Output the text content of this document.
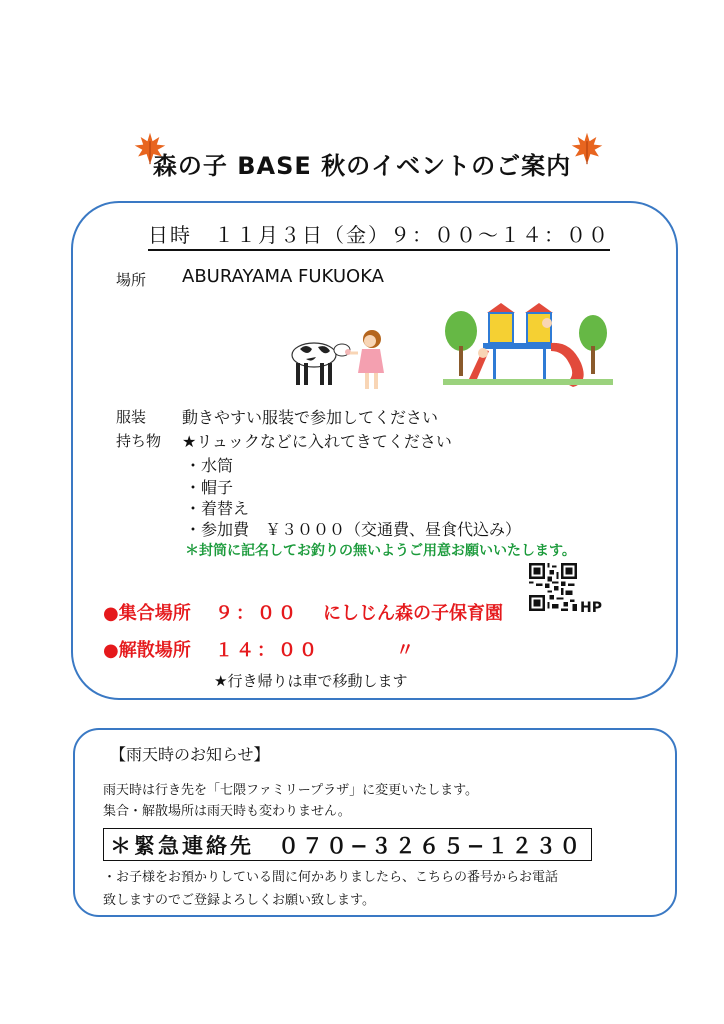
森の子 BASE 秋のイベントのご案内
日時　１１月３日（金）９：００〜１４：００
場所 ABURAYAMA FUKUOKA
服装 動きやすい服装で参加してください
持ち物 ★リュックなどに入れてきてください
・水筒
・帽子
・着替え
・参加費　￥３０００（交通費、昼食代込み）
＊封筒に記名してお釣りの無いようご用意お願いいたします。
HP
●集合場所 ９：００ にしじん森の子保育園
●解散場所 １４：００	〃
★行き帰りは車で移動します
【雨天時のお知らせ】
雨天時は行き先を「七隈ファミリープラザ」に変更いたします。
集合・解散場所は雨天時も変わりません。
＊緊急連絡先　０７０−３２６５−１２３０
・お子様をお預かりしている間に何かありましたら、こちらの番号からお電話
致しますのでご登録よろしくお願い致します。
